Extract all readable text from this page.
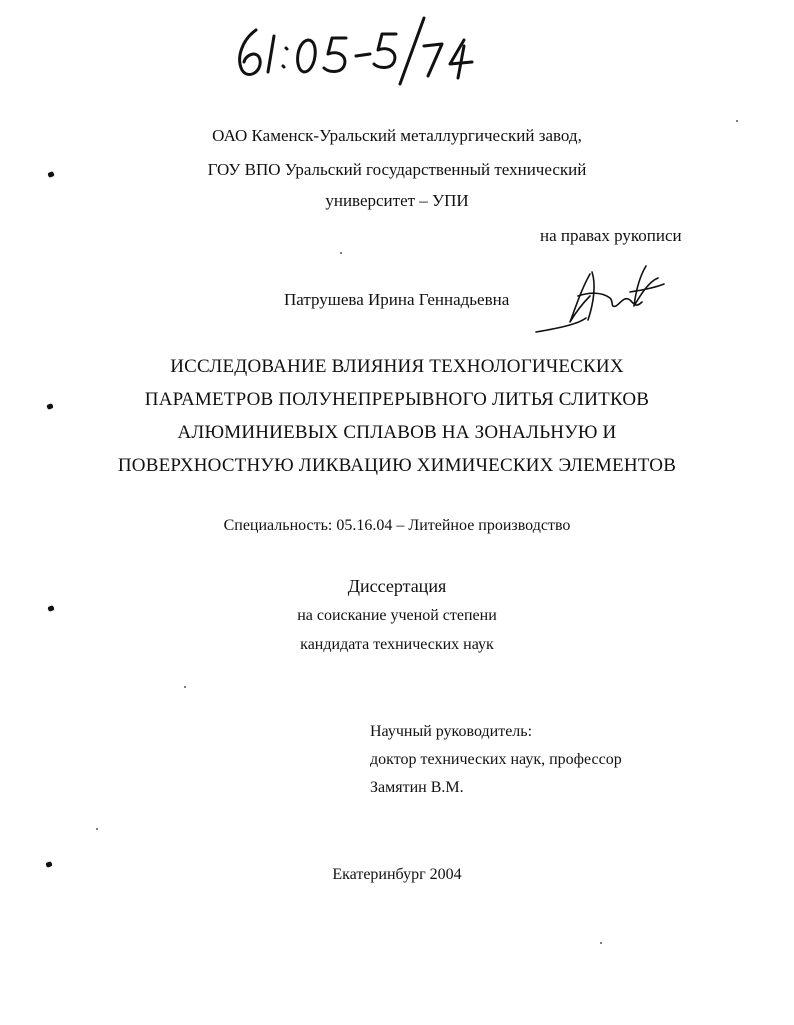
ОАО Каменск-Уральский металлургический завод,
ГОУ ВПО Уральский государственный технический
университет – УПИ
на правах рукописи
Патрушева Ирина Геннадьевна
ИССЛЕДОВАНИЕ ВЛИЯНИЯ ТЕХНОЛОГИЧЕСКИХ
ПАРАМЕТРОВ ПОЛУНЕПРЕРЫВНОГО ЛИТЬЯ СЛИТКОВ
АЛЮМИНИЕВЫХ СПЛАВОВ НА ЗОНАЛЬНУЮ И
ПОВЕРХНОСТНУЮ ЛИКВАЦИЮ ХИМИЧЕСКИХ ЭЛЕМЕНТОВ
Специальность: 05.16.04 – Литейное производство
Диссертация
на соискание ученой степени
кандидата технических наук
Научный руководитель:
доктор технических наук, профессор
Замятин В.М.
Екатеринбург 2004
